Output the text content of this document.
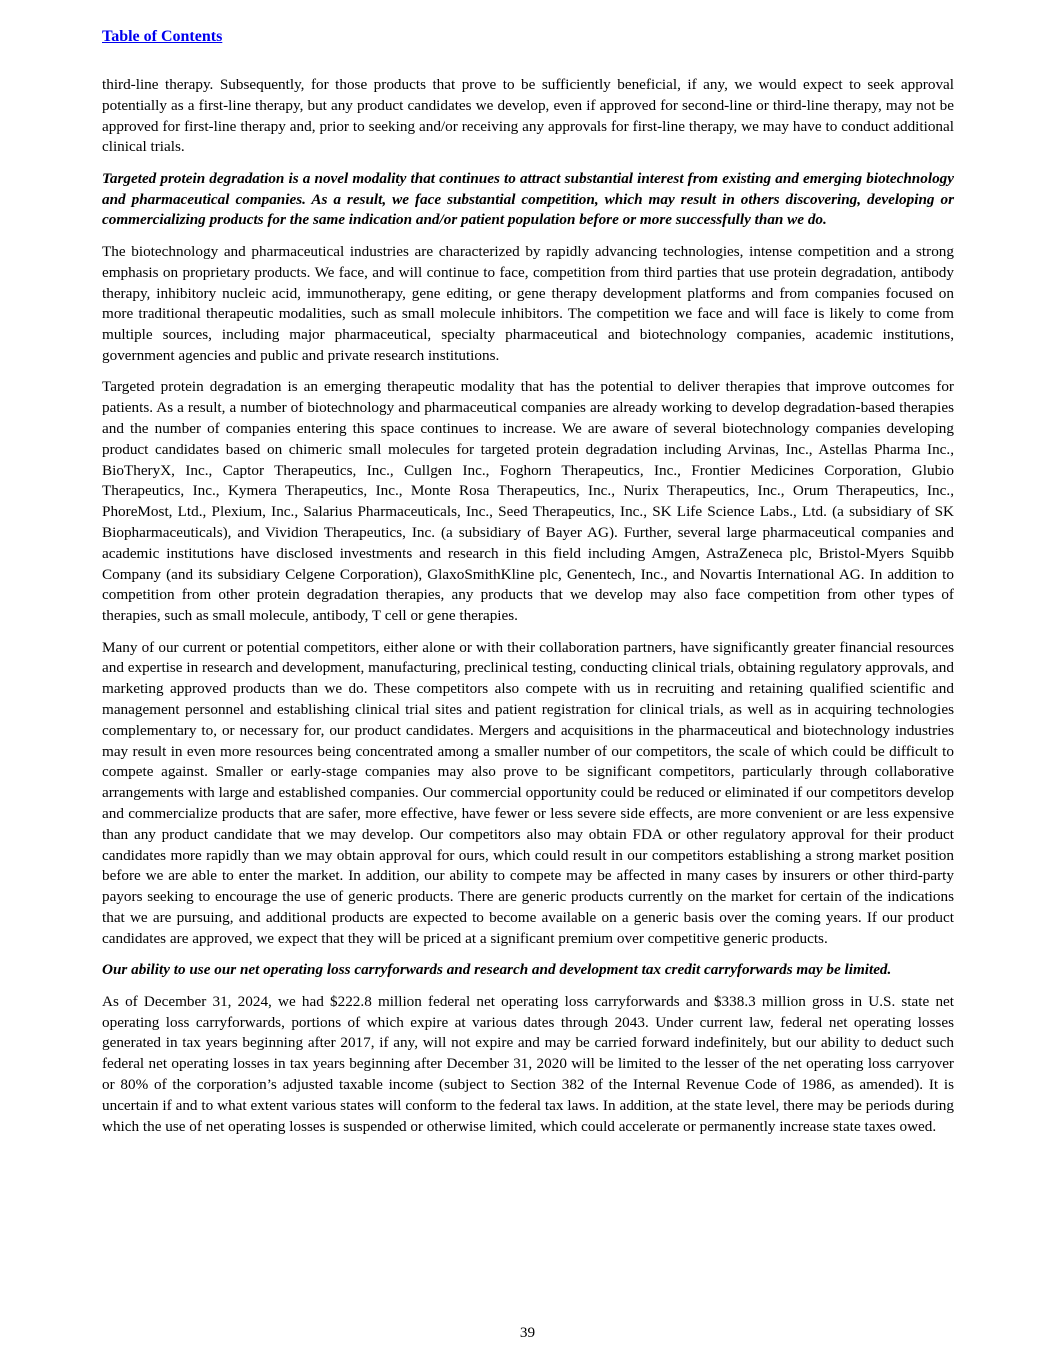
Table of Contents

third-line therapy. Subsequently, for those products that prove to be sufficiently beneficial, if any, we would expect to seek approval potentially as a first-line therapy, but any product candidates we develop, even if approved for second-line or third-line therapy, may not be approved for first-line therapy and, prior to seeking and/or receiving any approvals for first-line therapy, we may have to conduct additional clinical trials.

Targeted protein degradation is a novel modality that continues to attract substantial interest from existing and emerging biotechnology and pharmaceutical companies. As a result, we face substantial competition, which may result in others discovering, developing or commercializing products for the same indication and/or patient population before or more successfully than we do.

The biotechnology and pharmaceutical industries are characterized by rapidly advancing technologies, intense competition and a strong emphasis on proprietary products. We face, and will continue to face, competition from third parties that use protein degradation, antibody therapy, inhibitory nucleic acid, immunotherapy, gene editing, or gene therapy development platforms and from companies focused on more traditional therapeutic modalities, such as small molecule inhibitors. The competition we face and will face is likely to come from multiple sources, including major pharmaceutical, specialty pharmaceutical and biotechnology companies, academic institutions, government agencies and public and private research institutions.

Targeted protein degradation is an emerging therapeutic modality that has the potential to deliver therapies that improve outcomes for patients. As a result, a number of biotechnology and pharmaceutical companies are already working to develop degradation-based therapies and the number of companies entering this space continues to increase. We are aware of several biotechnology companies developing product candidates based on chimeric small molecules for targeted protein degradation including Arvinas, Inc., Astellas Pharma Inc., BioTheryX, Inc., Captor Therapeutics, Inc., Cullgen Inc., Foghorn Therapeutics, Inc., Frontier Medicines Corporation, Glubio Therapeutics, Inc., Kymera Therapeutics, Inc., Monte Rosa Therapeutics, Inc., Nurix Therapeutics, Inc., Orum Therapeutics, Inc., PhoreMost, Ltd., Plexium, Inc., Salarius Pharmaceuticals, Inc., Seed Therapeutics, Inc., SK Life Science Labs., Ltd. (a subsidiary of SK Biopharmaceuticals), and Vividion Therapeutics, Inc. (a subsidiary of Bayer AG). Further, several large pharmaceutical companies and academic institutions have disclosed investments and research in this field including Amgen, AstraZeneca plc, Bristol-Myers Squibb Company (and its subsidiary Celgene Corporation), GlaxoSmithKline plc, Genentech, Inc., and Novartis International AG. In addition to competition from other protein degradation therapies, any products that we develop may also face competition from other types of therapies, such as small molecule, antibody, T cell or gene therapies.

Many of our current or potential competitors, either alone or with their collaboration partners, have significantly greater financial resources and expertise in research and development, manufacturing, preclinical testing, conducting clinical trials, obtaining regulatory approvals, and marketing approved products than we do. These competitors also compete with us in recruiting and retaining qualified scientific and management personnel and establishing clinical trial sites and patient registration for clinical trials, as well as in acquiring technologies complementary to, or necessary for, our product candidates. Mergers and acquisitions in the pharmaceutical and biotechnology industries may result in even more resources being concentrated among a smaller number of our competitors, the scale of which could be difficult to compete against. Smaller or early-stage companies may also prove to be significant competitors, particularly through collaborative arrangements with large and established companies. Our commercial opportunity could be reduced or eliminated if our competitors develop and commercialize products that are safer, more effective, have fewer or less severe side effects, are more convenient or are less expensive than any product candidate that we may develop. Our competitors also may obtain FDA or other regulatory approval for their product candidates more rapidly than we may obtain approval for ours, which could result in our competitors establishing a strong market position before we are able to enter the market. In addition, our ability to compete may be affected in many cases by insurers or other third-party payors seeking to encourage the use of generic products. There are generic products currently on the market for certain of the indications that we are pursuing, and additional products are expected to become available on a generic basis over the coming years. If our product candidates are approved, we expect that they will be priced at a significant premium over competitive generic products.

Our ability to use our net operating loss carryforwards and research and development tax credit carryforwards may be limited.

As of December 31, 2024, we had $222.8 million federal net operating loss carryforwards and $338.3 million gross in U.S. state net operating loss carryforwards, portions of which expire at various dates through 2043. Under current law, federal net operating losses generated in tax years beginning after 2017, if any, will not expire and may be carried forward indefinitely, but our ability to deduct such federal net operating losses in tax years beginning after December 31, 2020 will be limited to the lesser of the net operating loss carryover or 80% of the corporation’s adjusted taxable income (subject to Section 382 of the Internal Revenue Code of 1986, as amended). It is uncertain if and to what extent various states will conform to the federal tax laws. In addition, at the state level, there may be periods during which the use of net operating losses is suspended or otherwise limited, which could accelerate or permanently increase state taxes owed.

39
